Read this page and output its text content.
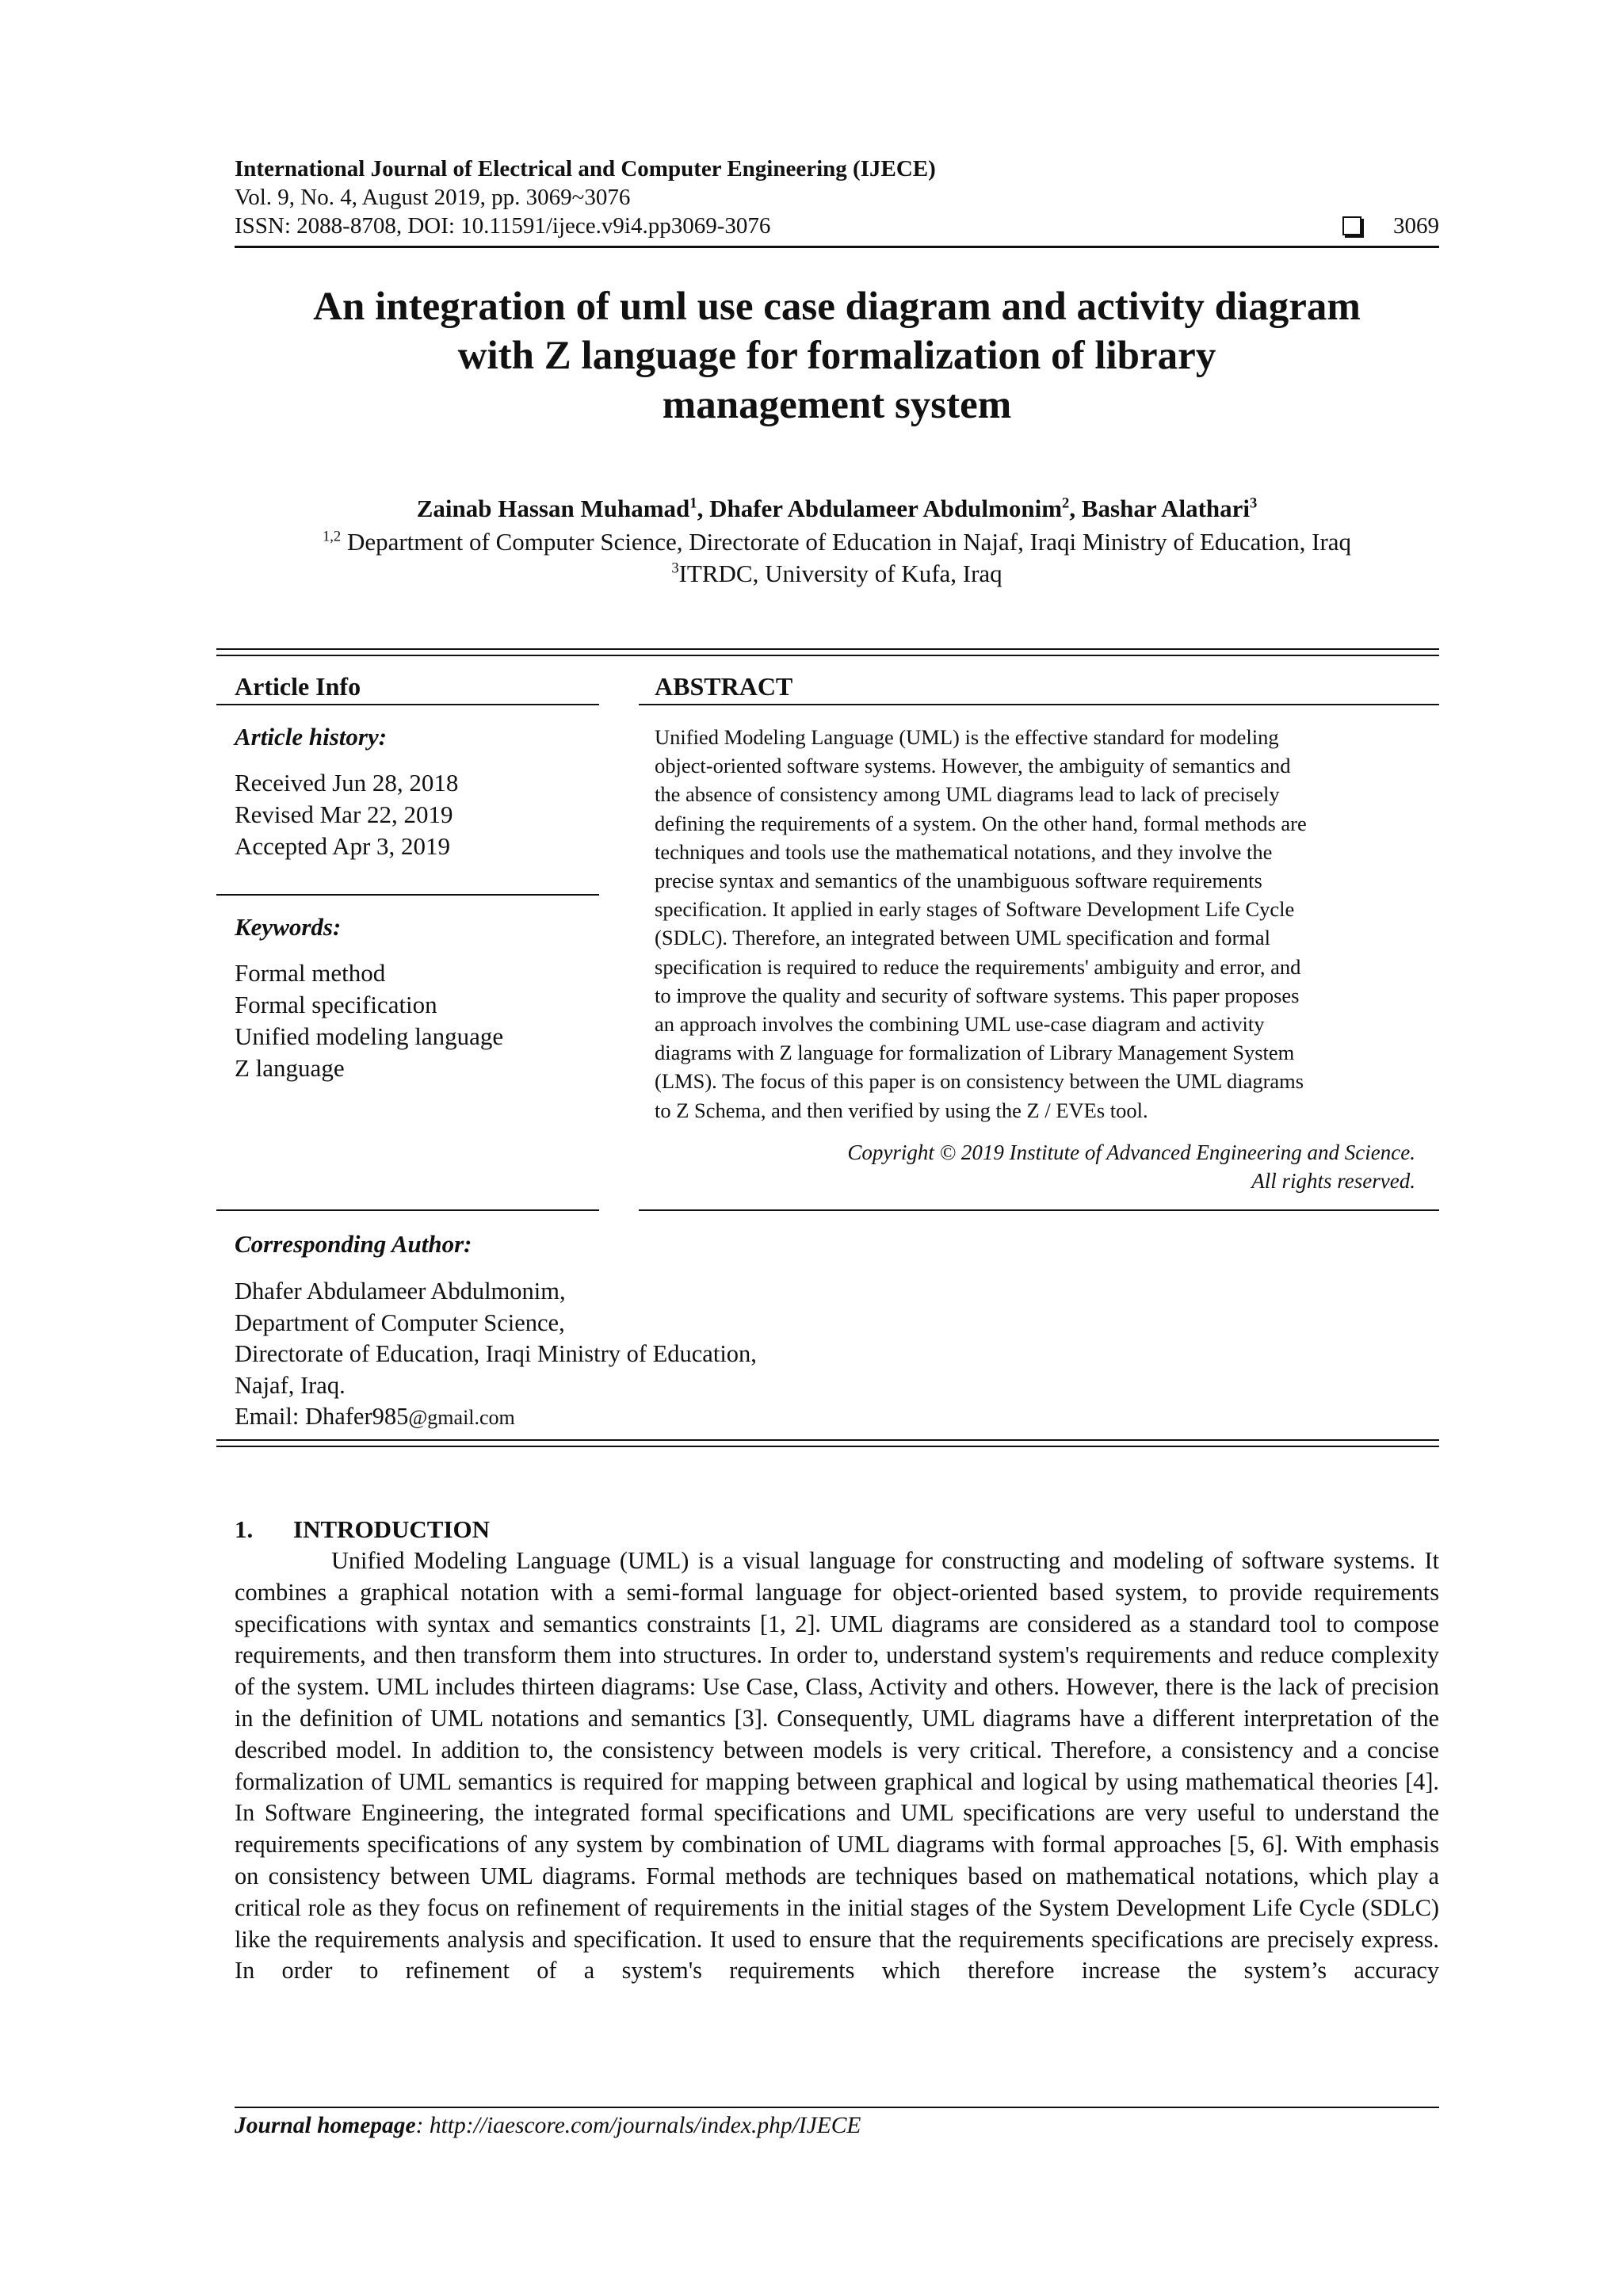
International Journal of Electrical and Computer Engineering (IJECE)
Vol. 9, No. 4, August 2019, pp. 3069~3076
ISSN: 2088-8708, DOI: 10.11591/ijece.v9i4.pp3069-3076	3069
An integration of uml use case diagram and activity diagram
with Z language for formalization of library
management system
Zainab Hassan Muhamad$^1$, Dhafer Abdulameer Abdulmonim$^2$, Bashar Alathari$^3$
$^{1,2}$ Department of Computer Science, Directorate of Education in Najaf, Iraqi Ministry of Education, Iraq
$^3$ITRDC, University of Kufa, Iraq
Article Info
Article history:
Received Jun 28, 2018
Revised Mar 22, 2019
Accepted Apr 3, 2019
Keywords:
Formal method
Formal specification
Unified modeling language
Z language
ABSTRACT
Unified Modeling Language (UML) is the effective standard for modeling
object-oriented software systems. However, the ambiguity of semantics and
the absence of consistency among UML diagrams lead to lack of precisely
defining the requirements of a system. On the other hand, formal methods are
techniques and tools use the mathematical notations, and they involve the
precise syntax and semantics of the unambiguous software requirements
specification. It applied in early stages of Software Development Life Cycle
(SDLC). Therefore, an integrated between UML specification and formal
specification is required to reduce the requirements' ambiguity and error, and
to improve the quality and security of software systems. This paper proposes
an approach involves the combining UML use-case diagram and activity
diagrams with Z language for formalization of Library Management System
(LMS). The focus of this paper is on consistency between the UML diagrams
to Z Schema, and then verified by using the Z / EVEs tool.
Copyright © 2019 Institute of Advanced Engineering and Science.
All rights reserved.
Corresponding Author:
Dhafer Abdulameer Abdulmonim,
Department of Computer Science,
Directorate of Education, Iraqi Ministry of Education,
Najaf, Iraq.
Email: Dhafer985@gmail.com
1. INTRODUCTION

Unified Modeling Language (UML) is a visual language for constructing and modeling of software systems. It combines a graphical notation with a semi-formal language for object-oriented based system, to provide requirements specifications with syntax and semantics constraints [1, 2]. UML diagrams are considered as a standard tool to compose requirements, and then transform them into structures. In order to, understand system's requirements and reduce complexity of the system. UML includes thirteen diagrams: Use Case, Class, Activity and others. However, there is the lack of precision in the definition of UML notations and semantics [3]. Consequently, UML diagrams have a different interpretation of the described model. In addition to, the consistency between models is very critical. Therefore, a consistency and a concise formalization of UML semantics is required for mapping between graphical and logical by using mathematical theories [4]. In Software Engineering, the integrated formal specifications and UML specifications are very useful to understand the requirements specifications of any system by combination of UML diagrams with formal approaches [5, 6]. With emphasis on consistency between UML diagrams. Formal methods are techniques based on mathematical notations, which play a critical role as they focus on refinement of requirements in the initial stages of the System Development Life Cycle (SDLC) like the requirements analysis and specification. It used to ensure that the requirements specifications are precisely express. In order to refinement of a system's requirements which therefore increase the system’s accuracy

Journal homepage: http://iaescore.com/journals/index.php/IJECE
